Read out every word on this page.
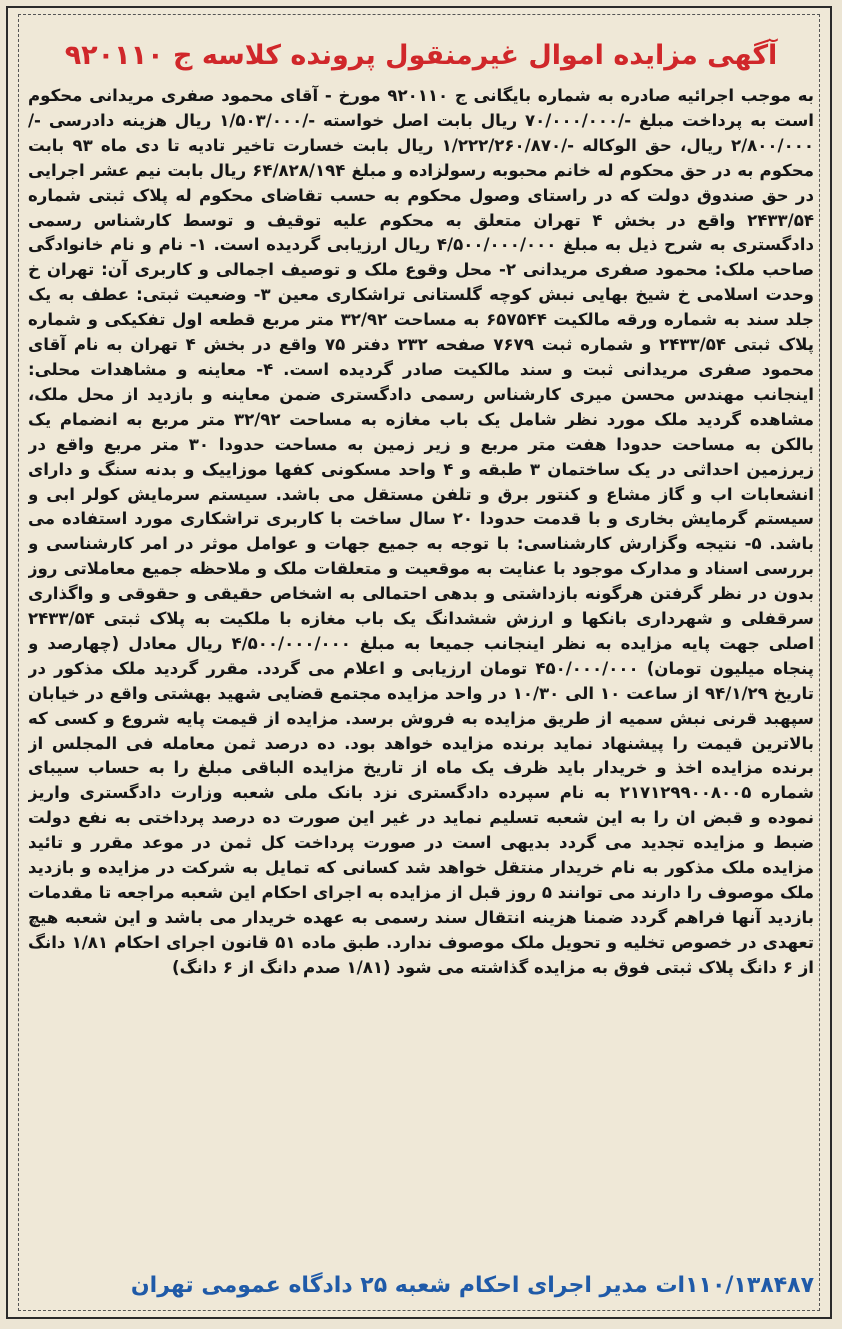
آگهی مزایده اموال غیرمنقول پرونده کلاسه ج ۹۲۰۱۱۰
به موجب اجرائیه صادره به شماره بایگانی ج ۹۲۰۱۱۰ مورخ - آقای محمود صفری مریدانی محکوم است به پرداخت مبلغ -/۷۰/۰۰۰/۰۰۰ ریال بابت اصل خواسته -/۱/۵۰۳/۰۰۰ ریال هزینه دادرسی -/۲/۸۰۰/۰۰۰ ریال، حق الوکاله -/۱/۲۲۲/۲۶۰/۸۷۰ ریال بابت خسارت تاخیر تادیه تا دی ماه ۹۳ بابت محکوم به در حق محکوم له خانم محبوبه رسولزاده و مبلغ ۶۴/۸۲۸/۱۹۴ ریال بابت نیم عشر اجرایی در حق صندوق دولت که در راستای وصول محکوم به حسب تقاضای محکوم له پلاک ثبتی شماره ۲۴۳۳/۵۴ واقع در بخش ۴ تهران متعلق به محکوم علیه توقیف و توسط کارشناس رسمی دادگستری به شرح ذیل به مبلغ ۴/۵۰۰/۰۰۰/۰۰۰ ریال ارزیابی گردیده است. ۱- نام و نام خانوادگی صاحب ملک: محمود صفری مریدانی ۲- محل وقوع ملک و توصیف اجمالی و کاربری آن: تهران خ وحدت اسلامی خ شیخ بهایی نبش کوچه گلستانی تراشکاری معین ۳- وضعیت ثبتی: عطف به یک جلد سند به شماره ورقه مالکیت ۶۵۷۵۴۴ به مساحت ۳۲/۹۲ متر مربع قطعه اول تفکیکی و شماره پلاک ثبتی ۲۴۳۳/۵۴ و شماره ثبت ۷۶۷۹ صفحه ۲۳۲ دفتر ۷۵ واقع در بخش ۴ تهران به نام آقای محمود صفری مریدانی ثبت و سند مالکیت صادر گردیده است. ۴- معاینه و مشاهدات محلی: اینجانب مهندس محسن میری کارشناس رسمی دادگستری ضمن معاینه و بازدید از محل ملک، مشاهده گردید ملک مورد نظر شامل یک باب مغازه به مساحت ۳۲/۹۲ متر مربع به انضمام یک بالکن به مساحت حدودا هفت متر مربع و زیر زمین به مساحت حدودا ۳۰ متر مربع واقع در زیرزمین احداثی در یک ساختمان ۳ طبقه و ۴ واحد مسکونی کفها موزاییک و بدنه سنگ و دارای انشعابات اب و گاز مشاع و کنتور برق و تلفن مستقل می باشد. سیستم سرمایش کولر ابی و سیستم گرمایش بخاری و با قدمت حدودا ۲۰ سال ساخت با کاربری تراشکاری مورد استفاده می باشد. ۵- نتیجه وگزارش کارشناسی: با توجه به جمیع جهات و عوامل موثر در امر کارشناسی و بررسی اسناد و مدارک موجود با عنایت به موقعیت و متعلقات ملک و ملاحظه جمیع معاملاتی روز بدون در نظر گرفتن هرگونه بازداشتی و بدهی احتمالی به اشخاص حقیقی و حقوقی و واگذاری سرقفلی و شهرداری بانکها و ارزش ششدانگ یک باب مغازه با ملکیت به پلاک ثبتی ۲۴۳۳/۵۴ اصلی جهت پایه مزایده به نظر اینجانب جمیعا به مبلغ ۴/۵۰۰/۰۰۰/۰۰۰ ریال معادل (چهارصد و پنجاه میلیون تومان) ۴۵۰/۰۰۰/۰۰۰ تومان ارزیابی و اعلام می گردد. مقرر گردید ملک مذکور در تاریخ ۹۴/۱/۲۹ از ساعت ۱۰ الی ۱۰/۳۰ در واحد مزایده مجتمع قضایی شهید بهشتی واقع در خیابان سپهبد قرنی نبش سمیه از طریق مزایده به فروش برسد. مزایده از قیمت پایه شروع و کسی که بالاترین قیمت را پیشنهاد نماید برنده مزایده خواهد بود. ده درصد ثمن معامله فی المجلس از برنده مزایده اخذ و خریدار باید ظرف یک ماه از تاریخ مزایده الباقی مبلغ را به حساب سیبای شماره ۲۱۷۱۲۹۹۰۰۸۰۰۵ به نام سپرده دادگستری نزد بانک ملی شعبه وزارت دادگستری واریز نموده و قبض ان را به این شعبه تسلیم نماید در غیر این صورت ده درصد پرداختی به نفع دولت ضبط و مزایده تجدید می گردد بدیهی است در صورت پرداخت کل ثمن در موعد مقرر و تائید مزایده ملک مذکور به نام خریدار منتقل خواهد شد کسانی که تمایل به شرکت در مزایده و بازدید ملک موصوف را دارند می توانند ۵ روز قبل از مزایده به اجرای احکام این شعبه مراجعه تا مقدمات بازدید آنها فراهم گردد ضمنا هزینه انتقال سند رسمی به عهده خریدار می باشد و این شعبه هیچ تعهدی در خصوص تخلیه و تحویل ملک موصوف ندارد. طبق ماده ۵۱ قانون اجرای احکام ۱/۸۱ دانگ از ۶ دانگ پلاک ثبتی فوق به مزایده گذاشته می شود (۱/۸۱ صدم دانگ از ۶ دانگ)
۱۱۰/۱۳۸۴۸۷ات مدیر اجرای احکام شعبه ۲۵ دادگاه عمومی تهران
